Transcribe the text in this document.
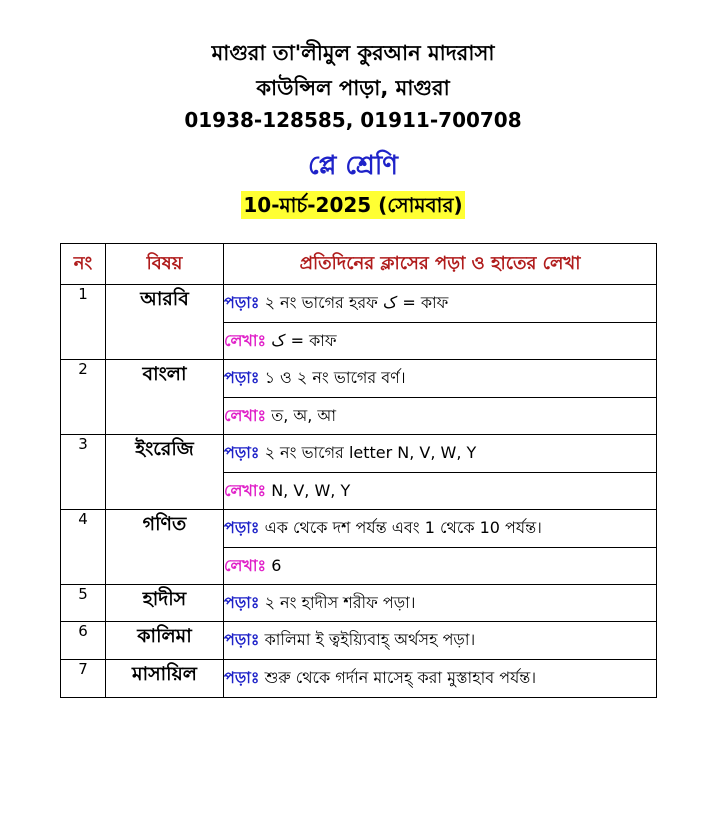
মাগুরা তা'লীমুল কুরআন মাদরাসা
কাউন্সিল পাড়া, মাগুরা
01938-128585, 01911-700708
প্লে শ্রেণি
10-মার্চ-2025 (সোমবার)
নং	বিষয়	প্রতিদিনের ক্লাসের পড়া ও হাতের লেখা
1	আরবি	পড়াঃ ২ নং ভাগের হরফ ک = কাফ
		লেখাঃ ک = কাফ
2	বাংলা	পড়াঃ ১ ও ২ নং ভাগের বর্ণ।
		লেখাঃ ত, অ, আ
3	ইংরেজি	পড়াঃ ২ নং ভাগের letter N, V, W, Y
		লেখাঃ N, V, W, Y
4	গণিত	পড়াঃ এক থেকে দশ পর্যন্ত এবং 1 থেকে 10 পর্যন্ত।
		লেখাঃ 6
5	হাদীস	পড়াঃ ২ নং হাদীস শরীফ পড়া।
6	কালিমা	পড়াঃ কালিমা ই ত্বইয়্যিবাহ্ অর্থসহ পড়া।
7	মাসায়িল	পড়াঃ শুরু থেকে গর্দান মাসেহ্ করা মুস্তাহাব পর্যন্ত।
